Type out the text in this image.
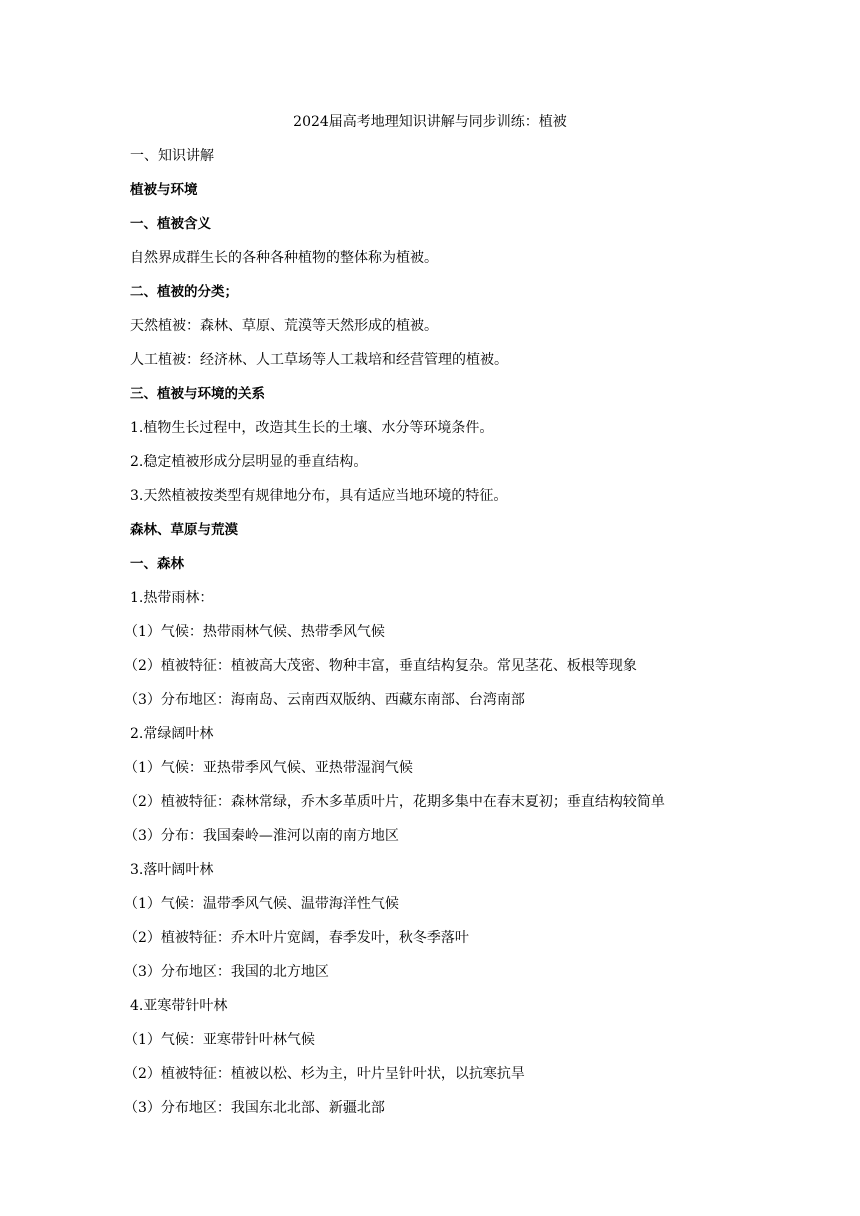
2024届高考地理知识讲解与同步训练：植被
一、知识讲解
植被与环境
一、植被含义
自然界成群生长的各种各种植物的整体称为植被。
二、植被的分类；
天然植被：森林、草原、荒漠等天然形成的植被。
人工植被：经济林、人工草场等人工栽培和经营管理的植被。
三、植被与环境的关系
1.植物生长过程中，改造其生长的土壤、水分等环境条件。
2.稳定植被形成分层明显的垂直结构。
3.天然植被按类型有规律地分布，具有适应当地环境的特征。
森林、草原与荒漠
一、森林
1.热带雨林：
（1）气候：热带雨林气候、热带季风气候
（2）植被特征：植被高大茂密、物种丰富，垂直结构复杂。常见茎花、板根等现象
（3）分布地区：海南岛、云南西双版纳、西藏东南部、台湾南部
2.常绿阔叶林
（1）气候：亚热带季风气候、亚热带湿润气候
（2）植被特征：森林常绿，乔木多革质叶片，花期多集中在春末夏初；垂直结构较简单
（3）分布：我国秦岭—淮河以南的南方地区
3.落叶阔叶林
（1）气候：温带季风气候、温带海洋性气候
（2）植被特征：乔木叶片宽阔，春季发叶，秋冬季落叶
（3）分布地区：我国的北方地区
4.亚寒带针叶林
（1）气候：亚寒带针叶林气候
（2）植被特征：植被以松、杉为主，叶片呈针叶状，以抗寒抗旱
（3）分布地区：我国东北北部、新疆北部
